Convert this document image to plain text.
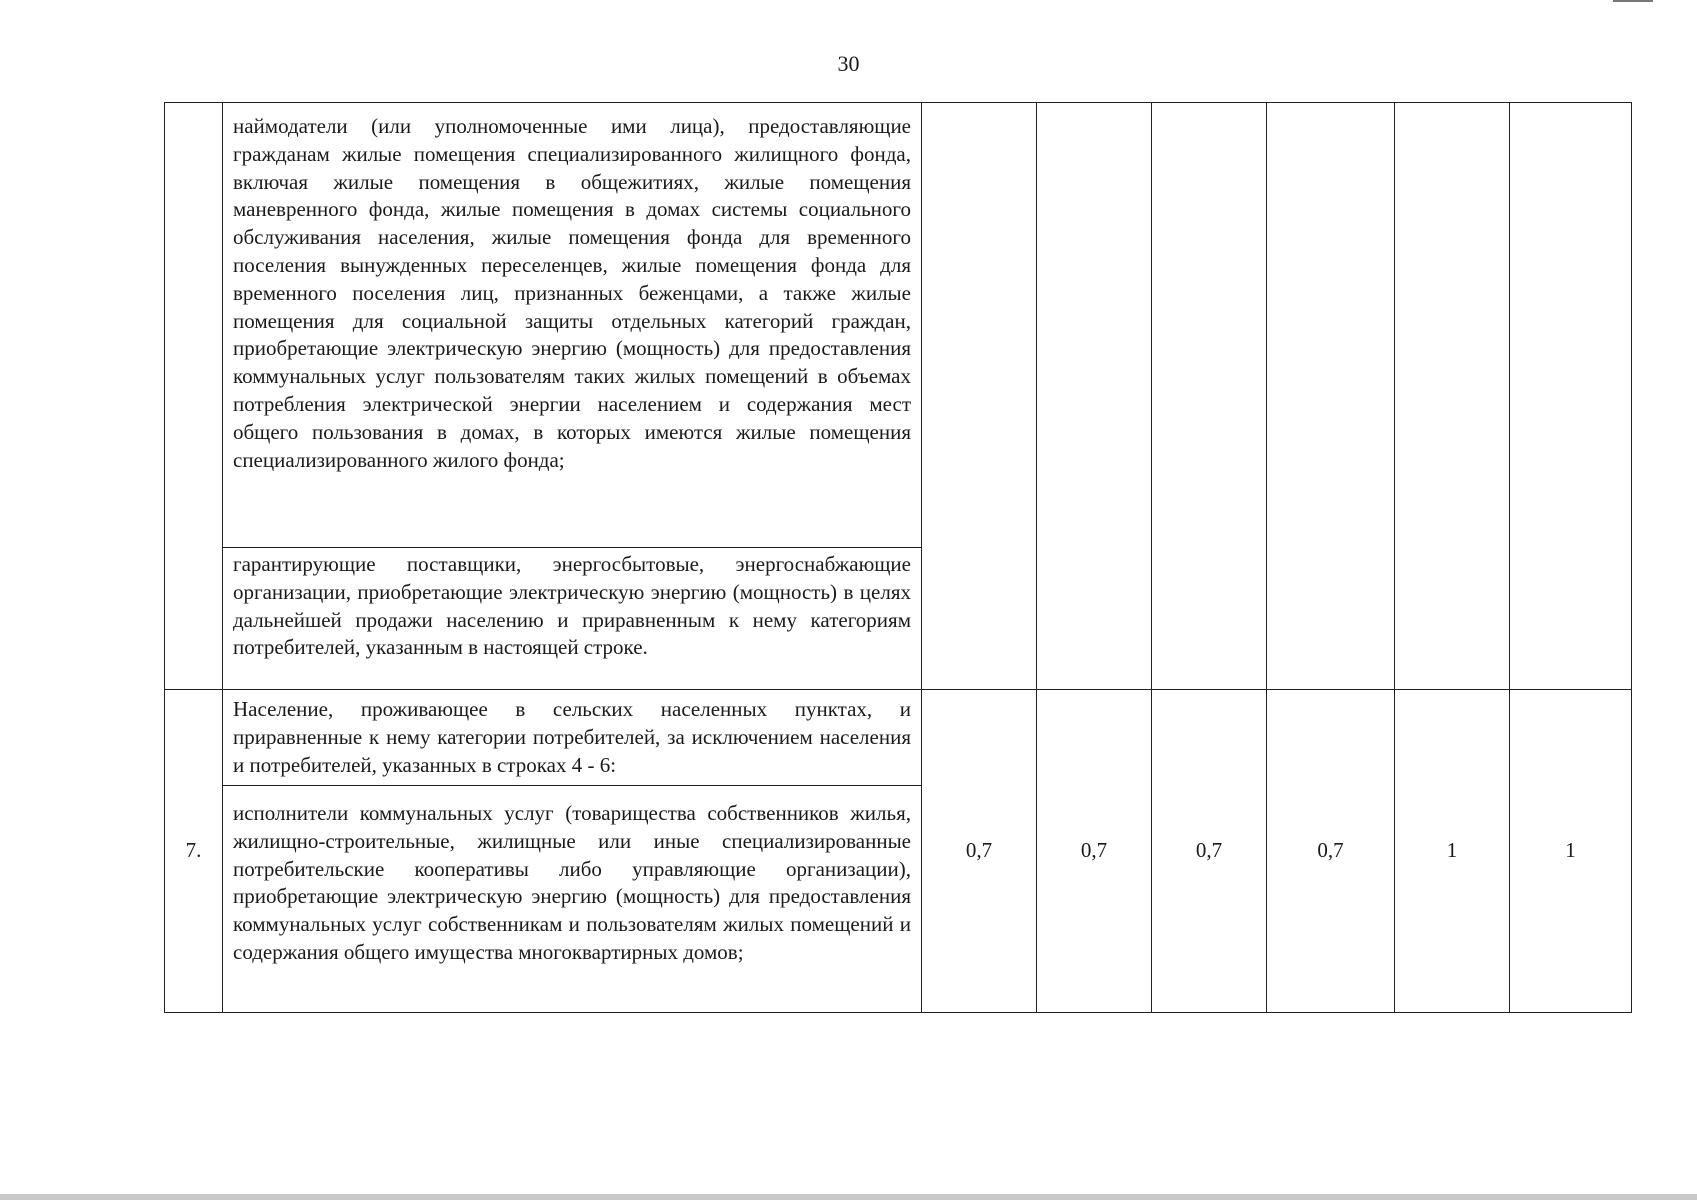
30
	наймодатели (или уполномоченные ими лица), предоставляющие гражданам жилые помещения специализированного жилищного фонда, включая жилые помещения в общежитиях, жилые помещения маневренного фонда, жилые помещения в домах системы социального обслуживания населения, жилые помещения фонда для временного поселения вынужденных переселенцев, жилые помещения фонда для временного поселения лиц, признанных беженцами, а также жилые помещения для социальной защиты отдельных категорий граждан, приобретающие электрическую энергию (мощность) для предоставления коммунальных услуг пользователям таких жилых помещений в объемах потребления электрической энергии населением и содержания мест общего пользования в домах, в которых имеются жилые помещения специализированного жилого фонда;						
	гарантирующие поставщики, энергосбытовые, энергоснабжающие организации, приобретающие электрическую энергию (мощность) в целях дальнейшей продажи населению и приравненным к нему категориям потребителей, указанным в настоящей строке.						
7.	Население, проживающее в сельских населенных пунктах, и приравненные к нему категории потребителей, за исключением населения и потребителей, указанных в строках 4 - 6:	0,7	0,7	0,7	0,7	1	1
	исполнители коммунальных услуг (товарищества собственников жилья, жилищно-строительные, жилищные или иные специализированные потребительские кооперативы либо управляющие организации), приобретающие электрическую энергию (мощность) для предоставления коммунальных услуг собственникам и пользователям жилых помещений и содержания общего имущества многоквартирных домов;						
